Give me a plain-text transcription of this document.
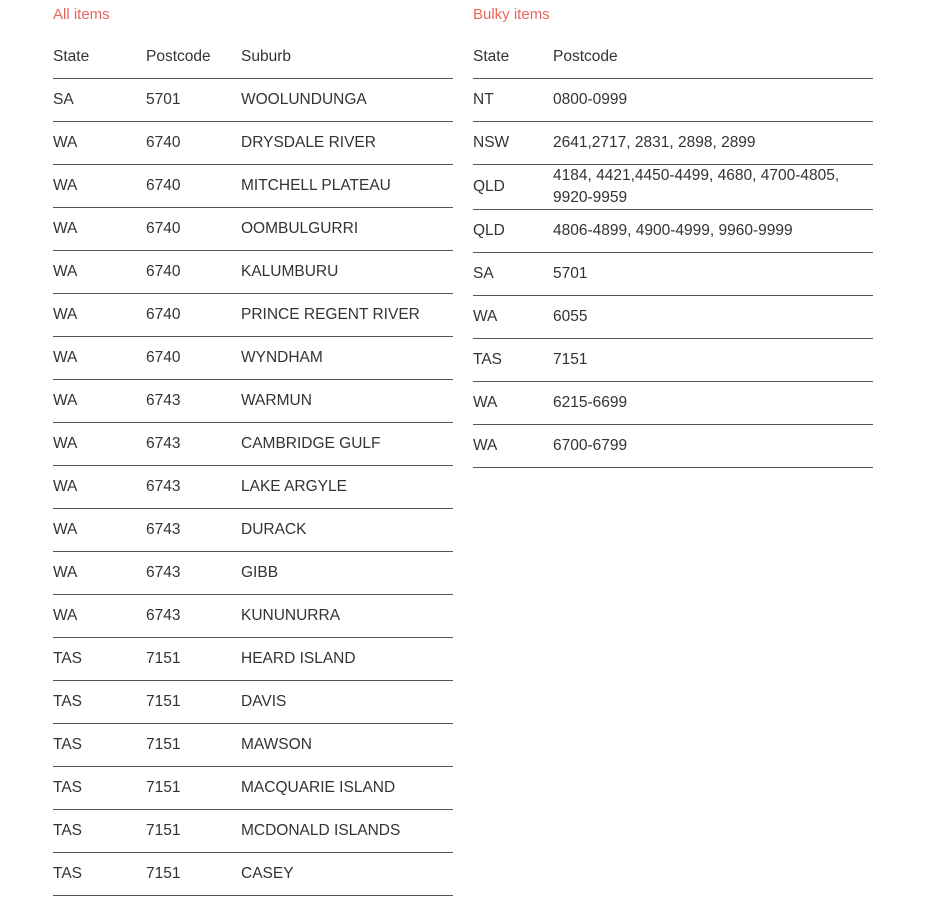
All items
State	Postcode	Suburb
SA	5701	WOOLUNDUNGA
WA	6740	DRYSDALE RIVER
WA	6740	MITCHELL PLATEAU
WA	6740	OOMBULGURRI
WA	6740	KALUMBURU
WA	6740	PRINCE REGENT RIVER
WA	6740	WYNDHAM
WA	6743	WARMUN
WA	6743	CAMBRIDGE GULF
WA	6743	LAKE ARGYLE
WA	6743	DURACK
WA	6743	GIBB
WA	6743	KUNUNURRA
TAS	7151	HEARD ISLAND
TAS	7151	DAVIS
TAS	7151	MAWSON
TAS	7151	MACQUARIE ISLAND
TAS	7151	MCDONALD ISLANDS
TAS	7151	CASEY
Bulky items
State	Postcode
NT	0800-0999
NSW	2641,2717, 2831, 2898, 2899
QLD	4184, 4421,4450-4499, 4680, 4700-4805, 9920-9959
QLD	4806-4899, 4900-4999, 9960-9999
SA	5701
WA	6055
TAS	7151
WA	6215-6699
WA	6700-6799
